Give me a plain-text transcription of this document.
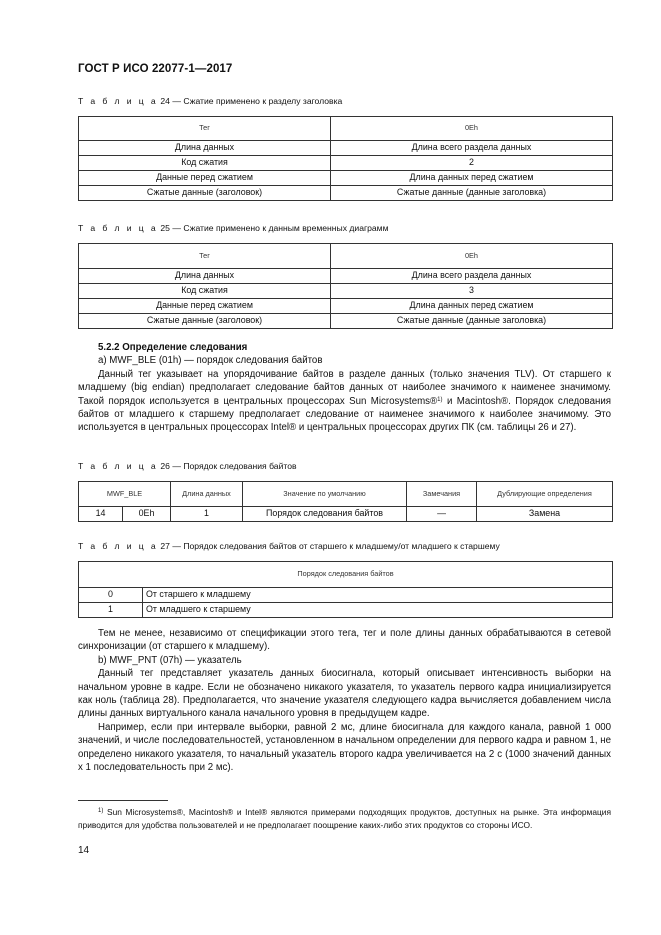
ГОСТ Р ИСО 22077-1—2017
Т а б л и ц а 24 — Сжатие применено к разделу заголовка
Тег	0Eh
Длина данных	Длина всего раздела данных
Код сжатия	2
Данные перед сжатием	Длина данных перед сжатием
Сжатые данные (заголовок)	Сжатые данные (данные заголовка)
Т а б л и ц а 25 — Сжатие применено к данным временных диаграмм
Тег	0Eh
Длина данных	Длина всего раздела данных
Код сжатия	3
Данные перед сжатием	Длина данных перед сжатием
Сжатые данные (заголовок)	Сжатые данные (данные заголовка)

5.2.2 Определение следования

а) MWF_BLE (01h) — порядок следования байтов

Данный тег указывает на упорядочивание байтов в разделе данных (только значения TLV). От старшего к младшему (big endian) предполагает следование байтов данных от наиболее значимого к наименее значимому. Такой порядок используется в центральных процессорах Sun Microsystems®$^{1)}$ и Macintosh®. Порядок следования байтов от младшего к старшему предполагает следование от наименее значимого к наиболее значимому. Это используется в центральных процессорах Intel® и центральных процессорах других ПК (см. таблицы 26 и 27).

Т а б л и ц а 26 — Порядок следования байтов
MWF_BLE		Длина данных	Значение по умолчанию	Замечания	Дублирующие определения
14	0Eh	1	Порядок следования байтов	—	Замена
Т а б л и ц а 27 — Порядок следования байтов от старшего к младшему/от младшего к старшему
Порядок следования байтов	
0	От старшего к младшему
1	От младшего к старшему

Тем не менее, независимо от спецификации этого тега, тег и поле длины данных обрабатываются в сетевой синхронизации (от старшего к младшему).

b) MWF_PNT (07h) — указатель

Данный тег представляет указатель данных биосигнала, который описывает интенсивность выборки на начальном уровне в кадре. Если не обозначено никакого указателя, то указатель первого кадра инициализируется как ноль (таблица 28). Предполагается, что значение указателя следующего кадра вычисляется добавлением числа длины данных виртуального канала начального уровня в предыдущем кадре.

Например, если при интервале выборки, равной 2 мс, длине биосигнала для каждого канала, равной 1 000 значений, и числе последовательностей, установленном в начальном определении для первого кадра и равном 1, не определено никакого указателя, то начальный указатель второго кадра увеличивается на 2 с (1000 значений данных х 1 последовательность при 2 мс).

$^{1)}$ Sun Microsystems®, Macintosh® и Intel® являются примерами подходящих продуктов, доступных на рынке. Эта информация приводится для удобства пользователей и не предполагает поощрение каких-либо этих продуктов со стороны ИСО.

14
